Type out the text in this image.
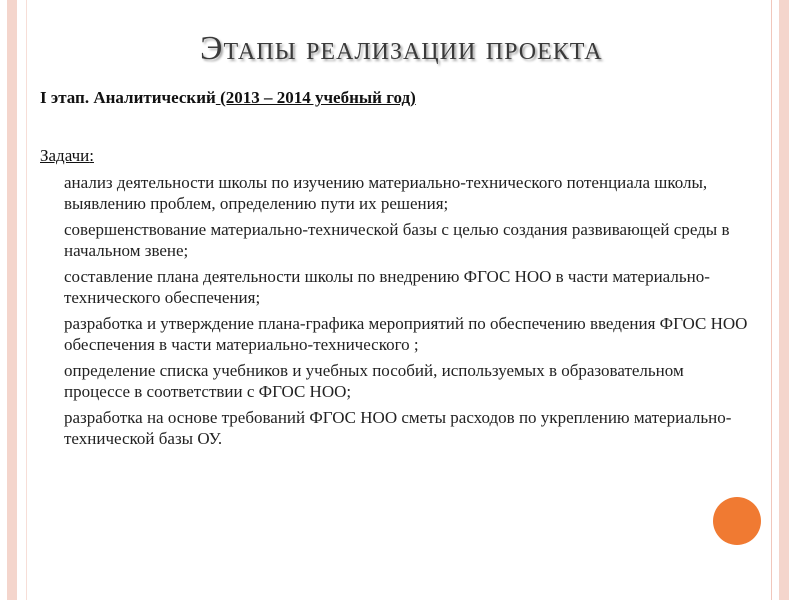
Этапы реализации проекта
I этап. Аналитический (2013 – 2014 учебный год)
Задачи:
анализ деятельности школы по изучению материально-технического потенциала школы, выявлению проблем, определению пути их решения;
совершенствование материально-технической базы с целью создания развивающей среды в начальном звене;
составление плана деятельности школы по внедрению ФГОС НОО в части материально-технического обеспечения;
разработка и утверждение плана-графика мероприятий по обеспечению введения ФГОС НОО обеспечения в части материально-технического ;
определение списка учебников и учебных пособий, используемых в образовательном процессе в соответствии с ФГОС НОО;
разработка на основе требований ФГОС НОО сметы расходов по укреплению материально-технической базы ОУ.
